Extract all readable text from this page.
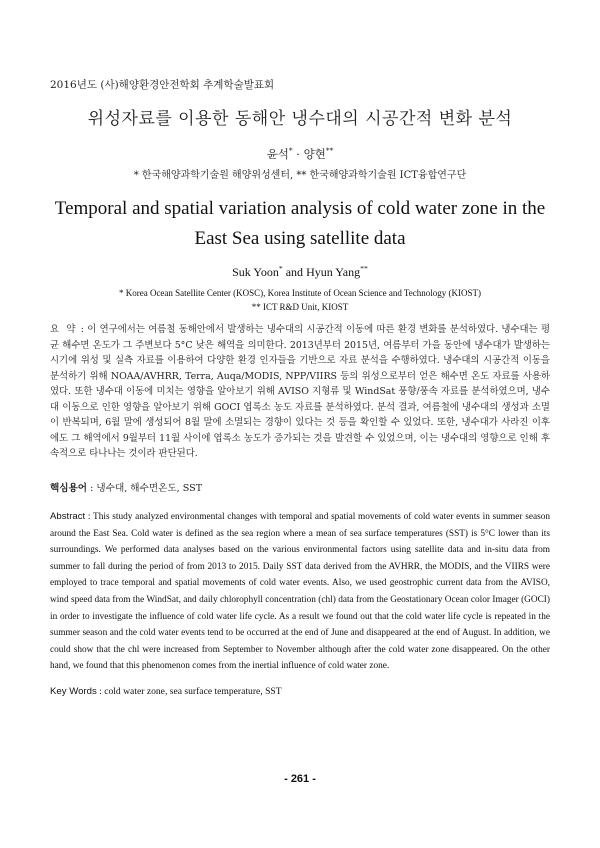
2016년도 (사)해양환경안전학회 추계학술발표회
위성자료를 이용한 동해안 냉수대의 시공간적 변화 분석
윤석* · 양현**
* 한국해양과학기술원 해양위성센터, ** 한국해양과학기술원 ICT융합연구단
Temporal and spatial variation analysis of cold water zone in the East Sea using satellite data
Suk Yoon* and Hyun Yang**
* Korea Ocean Satellite Center (KOSC), Korea Institute of Ocean Science and Technology (KIOST)
** ICT R&D Unit, KIOST
요 약 : 이 연구에서는 여름철 동해안에서 발생하는 냉수대의 시공간적 이동에 따른 환경 변화를 분석하였다. 냉수대는 평균 해수면 온도가 그 주변보다 5°C 낮은 해역을 의미한다. 2013년부터 2015년, 여름부터 가을 동안에 냉수대가 발생하는 시기에 위성 및 실측 자료를 이용하여 다양한 환경 인자들을 기반으로 자료 분석을 수행하였다. 냉수대의 시공간적 이동을 분석하기 위해 NOAA/AVHRR, Terra, Auqa/MODIS, NPP/VIIRS 등의 위성으로부터 얻은 해수면 온도 자료를 사용하였다. 또한 냉수대 이동에 미치는 영향을 알아보기 위해 AVISO 지형류 및 WindSat 풍향/풍속 자료를 분석하였으며, 냉수대 이동으로 인한 영향을 알아보기 위해 GOCI 엽록소 농도 자료를 분석하였다. 분석 결과, 여름철에 냉수대의 생성과 소멸이 반복되며, 6월 말에 생성되어 8월 말에 소멸되는 경향이 있다는 것 등을 확인할 수 있었다. 또한, 냉수대가 사라진 이후에도 그 해역에서 9월부터 11월 사이에 엽록소 농도가 증가되는 것을 발견할 수 있었으며, 이는 냉수대의 영향으로 인해 후속적으로 타나나는 것이라 판단된다.
핵심용어 : 냉수대, 해수면온도, SST
Abstract : This study analyzed environmental changes with temporal and spatial movements of cold water events in summer season around the East Sea. Cold water is defined as the sea region where a mean of sea surface temperatures (SST) is 5°C lower than its surroundings. We performed data analyses based on the various environmental factors using satellite data and in-situ data from summer to fall during the period of from 2013 to 2015. Daily SST data derived from the AVHRR, the MODIS, and the VIIRS were employed to trace temporal and spatial movements of cold water events. Also, we used geostrophic current data from the AVISO, wind speed data from the WindSat, and daily chlorophyll concentration (chl) data from the Geostationary Ocean color Imager (GOCI) in order to investigate the influence of cold water life cycle. As a result we found out that the cold water life cycle is repeated in the summer season and the cold water events tend to be occurred at the end of June and disappeared at the end of August. In addition, we could show that the chl were increased from September to November although after the cold water zone disappeared. On the other hand, we found that this phenomenon comes from the inertial influence of cold water zone.
Key Words : cold water zone, sea surface temperature, SST
- 261 -
